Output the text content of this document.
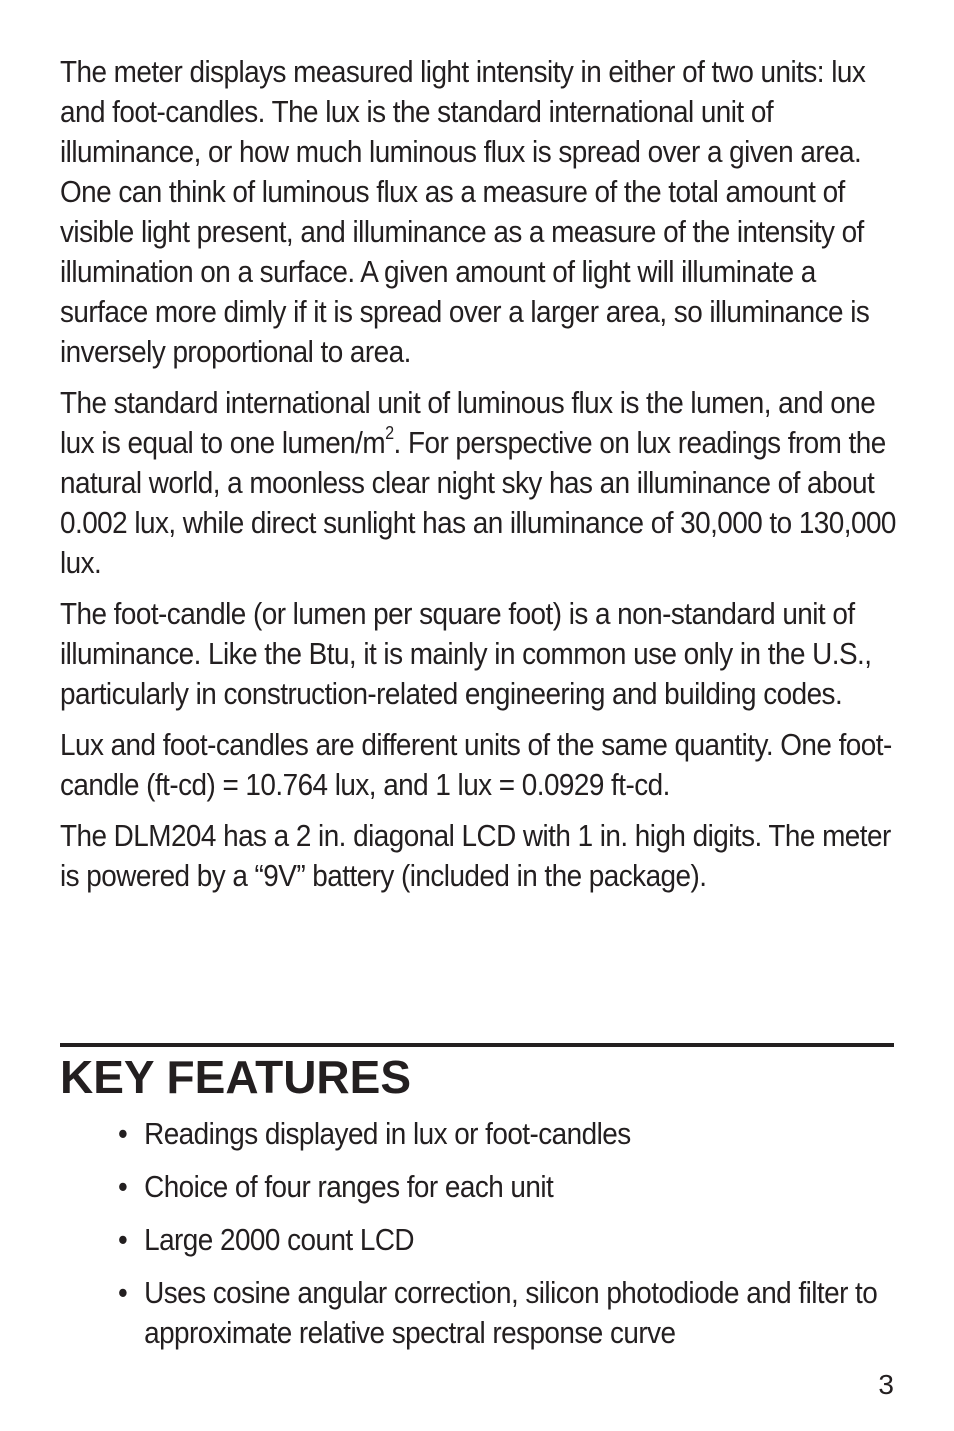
The meter displays measured light intensity in either of two units: lux and foot-candles. The lux is the standard international unit of illuminance, or how much luminous flux is spread over a given area. One can think of luminous flux as a measure of the total amount of visible light present, and illuminance as a measure of the intensity of illumination on a surface. A given amount of light will illuminate a surface more dimly if it is spread over a larger area, so illuminance is inversely proportional to area.

The standard international unit of luminous flux is the lumen, and one lux is equal to one lumen/$m^2$. For perspective on lux readings from the natural world, a moonless clear night sky has an illuminance of about 0.002 lux, while direct sunlight has an illuminance of 30,000 to 130,000 lux.

The foot-candle (or lumen per square foot) is a non-standard unit of illuminance. Like the Btu, it is mainly in common use only in the U.S., particularly in construction-related engineering and building codes.

Lux and foot-candles are different units of the same quantity. One foot-candle (ft-cd) = 10.764 lux, and 1 lux = 0.0929 ft-cd.

The DLM204 has a 2 in. diagonal LCD with 1 in. high digits. The meter is powered by a “9V” battery (included in the package).

KEY FEATURES
• Readings displayed in lux or foot-candles
• Choice of four ranges for each unit
• Large 2000 count LCD
• Uses cosine angular correction, silicon photodiode and filter to approximate relative spectral response curve
3
